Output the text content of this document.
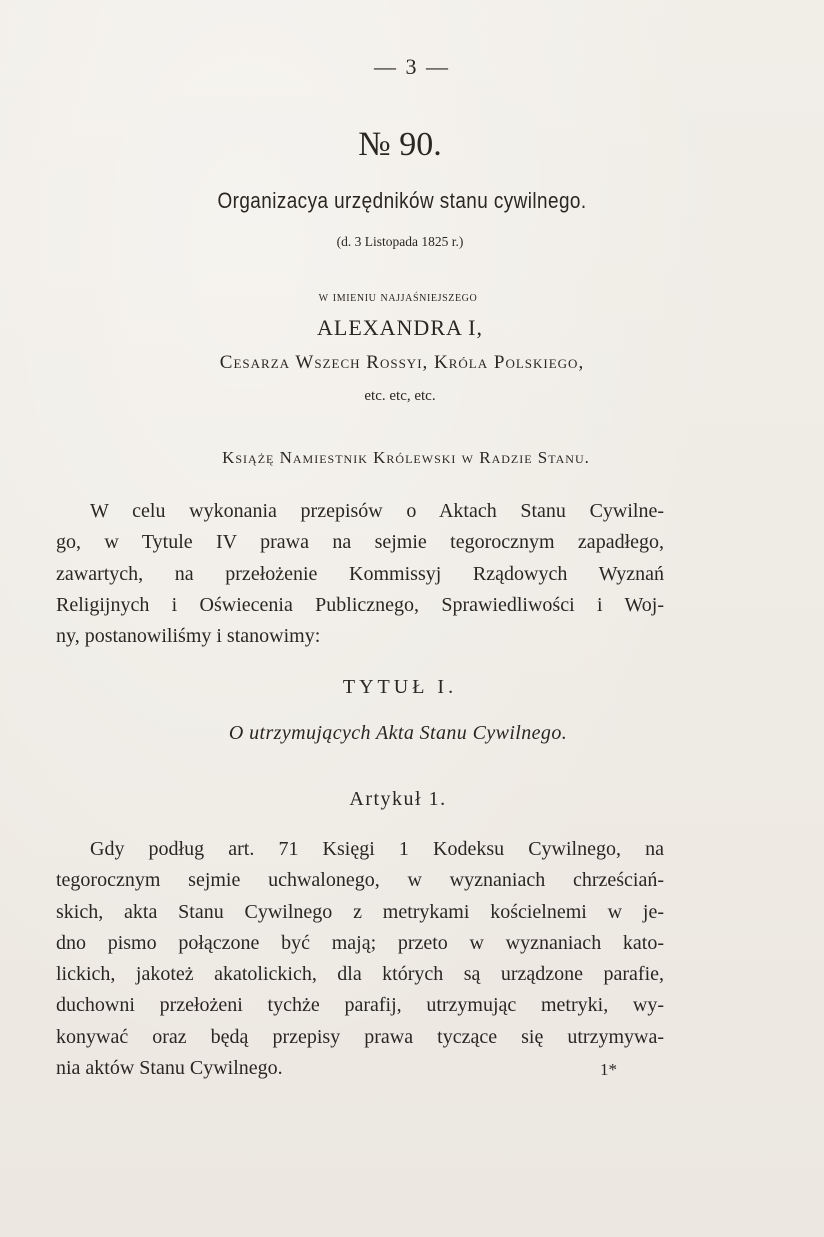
— 3 —
№ 90.
Organizacya urzędników stanu cywilnego.
(d. 3 Listopada 1825 r.)
w imieniu najjaśniejszego
ALEXANDRA I,
Cesarza Wszech Rossyi, Króla Polskiego,
etc. etc, etc.
Książę Namiestnik Królewski w Radzie Stanu.
W celu wykonania przepisów o Aktach Stanu Cywilne-
go, w Tytule IV prawa na sejmie tegorocznym zapadłego,
zawartych, na przełożenie Kommissyj Rządowych Wyznań
Religijnych i Oświecenia Publicznego, Sprawiedliwości i Woj-
ny, postanowiliśmy i stanowimy:
TYTUŁ I.
O utrzymujących Akta Stanu Cywilnego.
Artykuł 1.
Gdy podług art. 71 Księgi 1 Kodeksu Cywilnego, na
tegorocznym sejmie uchwalonego, w wyznaniach chrześciań-
skich, akta Stanu Cywilnego z metrykami kościelnemi w je-
dno pismo połączone być mają; przeto w wyznaniach kato-
lickich, jakoteż akatolickich, dla których są urządzone parafie,
duchowni przełożeni tychże parafij, utrzymując metryki, wy-
konywać oraz będą przepisy prawa tyczące się utrzymywa-
nia aktów Stanu Cywilnego.	1*
